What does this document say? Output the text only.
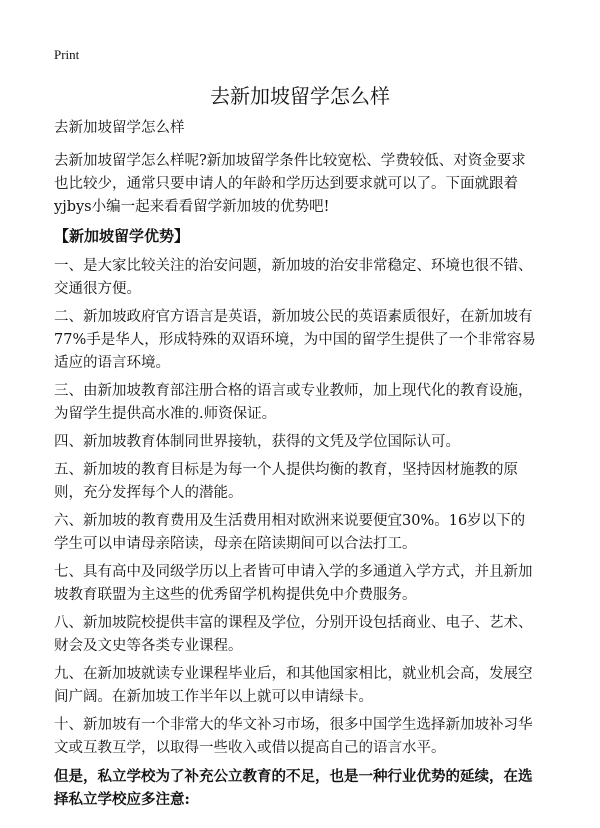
Print
去新加坡留学怎么样

去新加坡留学怎么样

去新加坡留学怎么样呢?新加坡留学条件比较宽松、学费较低、对资金要求也比较少，通常只要申请人的年龄和学历达到要求就可以了。下面就跟着yjbys小编一起来看看留学新加坡的优势吧!

【新加坡留学优势】

一、是大家比较关注的治安问题，新加坡的治安非常稳定、环境也很不错、交通很方便。

二、新加坡政府官方语言是英语，新加坡公民的英语素质很好，在新加坡有77%手是华人，形成特殊的双语环境，为中国的留学生提供了一个非常容易适应的语言环境。

三、由新加坡教育部注册合格的语言或专业教师，加上现代化的教育设施，为留学生提供高水准的.师资保证。

四、新加坡教育体制同世界接轨，获得的文凭及学位国际认可。

五、新加坡的教育目标是为每一个人提供均衡的教育，坚持因材施教的原则，充分发挥每个人的潜能。

六、新加坡的教育费用及生活费用相对欧洲来说要便宜30%。16岁以下的学生可以申请母亲陪读，母亲在陪读期间可以合法打工。

七、具有高中及同级学历以上者皆可申请入学的多通道入学方式，并且新加坡教育联盟为主这些的优秀留学机构提供免中介费服务。

八、新加坡院校提供丰富的课程及学位，分别开设包括商业、电子、艺术、财会及文史等各类专业课程。

九、在新加坡就读专业课程毕业后，和其他国家相比，就业机会高，发展空间广阔。在新加坡工作半年以上就可以申请绿卡。

十、新加坡有一个非常大的华文补习市场，很多中国学生选择新加坡补习华文或互教互学，以取得一些收入或借以提高自己的语言水平。

但是，私立学校为了补充公立教育的不足，也是一种行业优势的延续，在选择私立学校应多注意:
